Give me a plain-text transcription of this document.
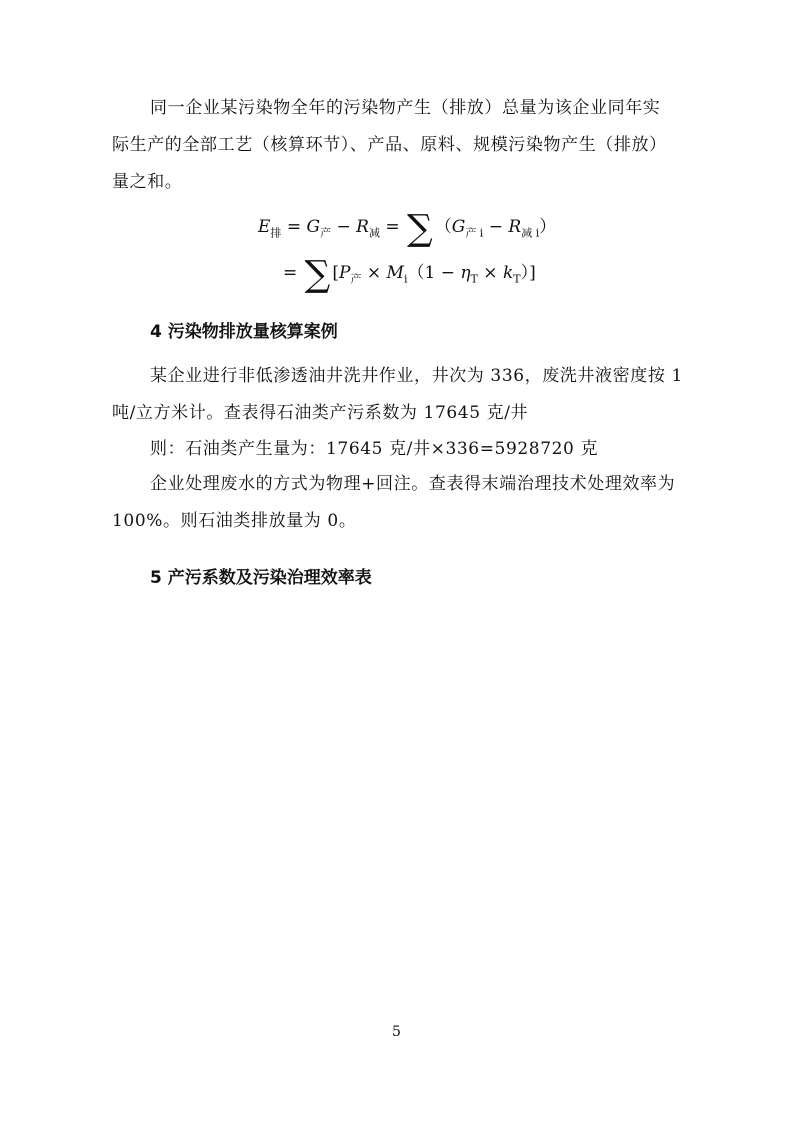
同一企业某污染物全年的污染物产生（排放）总量为该企业同年实
际生产的全部工艺（核算环节）、产品、原料、规模污染物产生（排放）
量之和。
$E_排 = G_产 - R_减$ = ∑ $(G_{产 i} - R_{减 i})$
= ∑ $[P_产 \times M_i(1 - \eta_T \times k_T)]$
4 污染物排放量核算案例
某企业进行非低渗透油井洗井作业，井次为 336，废洗井液密度按 1
吨/立方米计。查表得石油类产污系数为 17645 克/井
则：石油类产生量为：17645 克/井×336=5928720 克
企业处理废水的方式为物理+回注。查表得末端治理技术处理效率为
100%。则石油类排放量为 0。
5 产污系数及污染治理效率表
5
